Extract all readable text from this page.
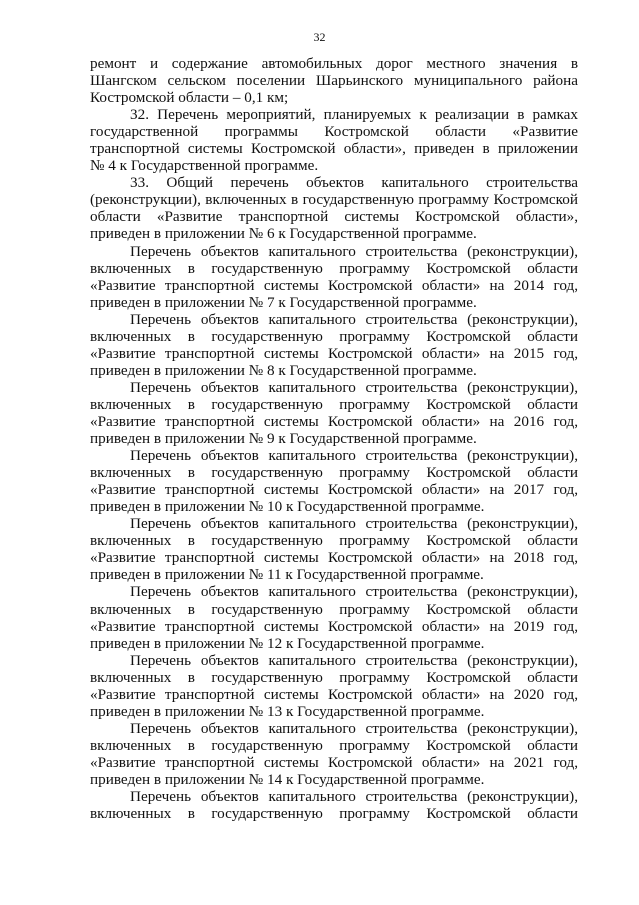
32
ремонт и содержание автомобильных дорог местного значения в
Шангском сельском поселении Шарьинского муниципального района
Костромской области – 0,1 км;
32. Перечень мероприятий, планируемых к реализации в рамках
государственной программы Костромской области «Развитие
транспортной системы Костромской области», приведен в приложении
№ 4 к Государственной программе.
33. Общий перечень объектов капитального строительства
(реконструкции), включенных в государственную программу Костромской
области «Развитие транспортной системы Костромской области»,
приведен в приложении № 6 к Государственной программе.
Перечень объектов капитального строительства (реконструкции),
включенных в государственную программу Костромской области
«Развитие транспортной системы Костромской области» на 2014 год,
приведен в приложении № 7 к Государственной программе.
Перечень объектов капитального строительства (реконструкции),
включенных в государственную программу Костромской области
«Развитие транспортной системы Костромской области» на 2015 год,
приведен в приложении № 8 к Государственной программе.
Перечень объектов капитального строительства (реконструкции),
включенных в государственную программу Костромской области
«Развитие транспортной системы Костромской области» на 2016 год,
приведен в приложении № 9 к Государственной программе.
Перечень объектов капитального строительства (реконструкции),
включенных в государственную программу Костромской области
«Развитие транспортной системы Костромской области» на 2017 год,
приведен в приложении № 10 к Государственной программе.
Перечень объектов капитального строительства (реконструкции),
включенных в государственную программу Костромской области
«Развитие транспортной системы Костромской области» на 2018 год,
приведен в приложении № 11 к Государственной программе.
Перечень объектов капитального строительства (реконструкции),
включенных в государственную программу Костромской области
«Развитие транспортной системы Костромской области» на 2019 год,
приведен в приложении № 12 к Государственной программе.
Перечень объектов капитального строительства (реконструкции),
включенных в государственную программу Костромской области
«Развитие транспортной системы Костромской области» на 2020 год,
приведен в приложении № 13 к Государственной программе.
Перечень объектов капитального строительства (реконструкции),
включенных в государственную программу Костромской области
«Развитие транспортной системы Костромской области» на 2021 год,
приведен в приложении № 14 к Государственной программе.
Перечень объектов капитального строительства (реконструкции),
включенных в государственную программу Костромской области
